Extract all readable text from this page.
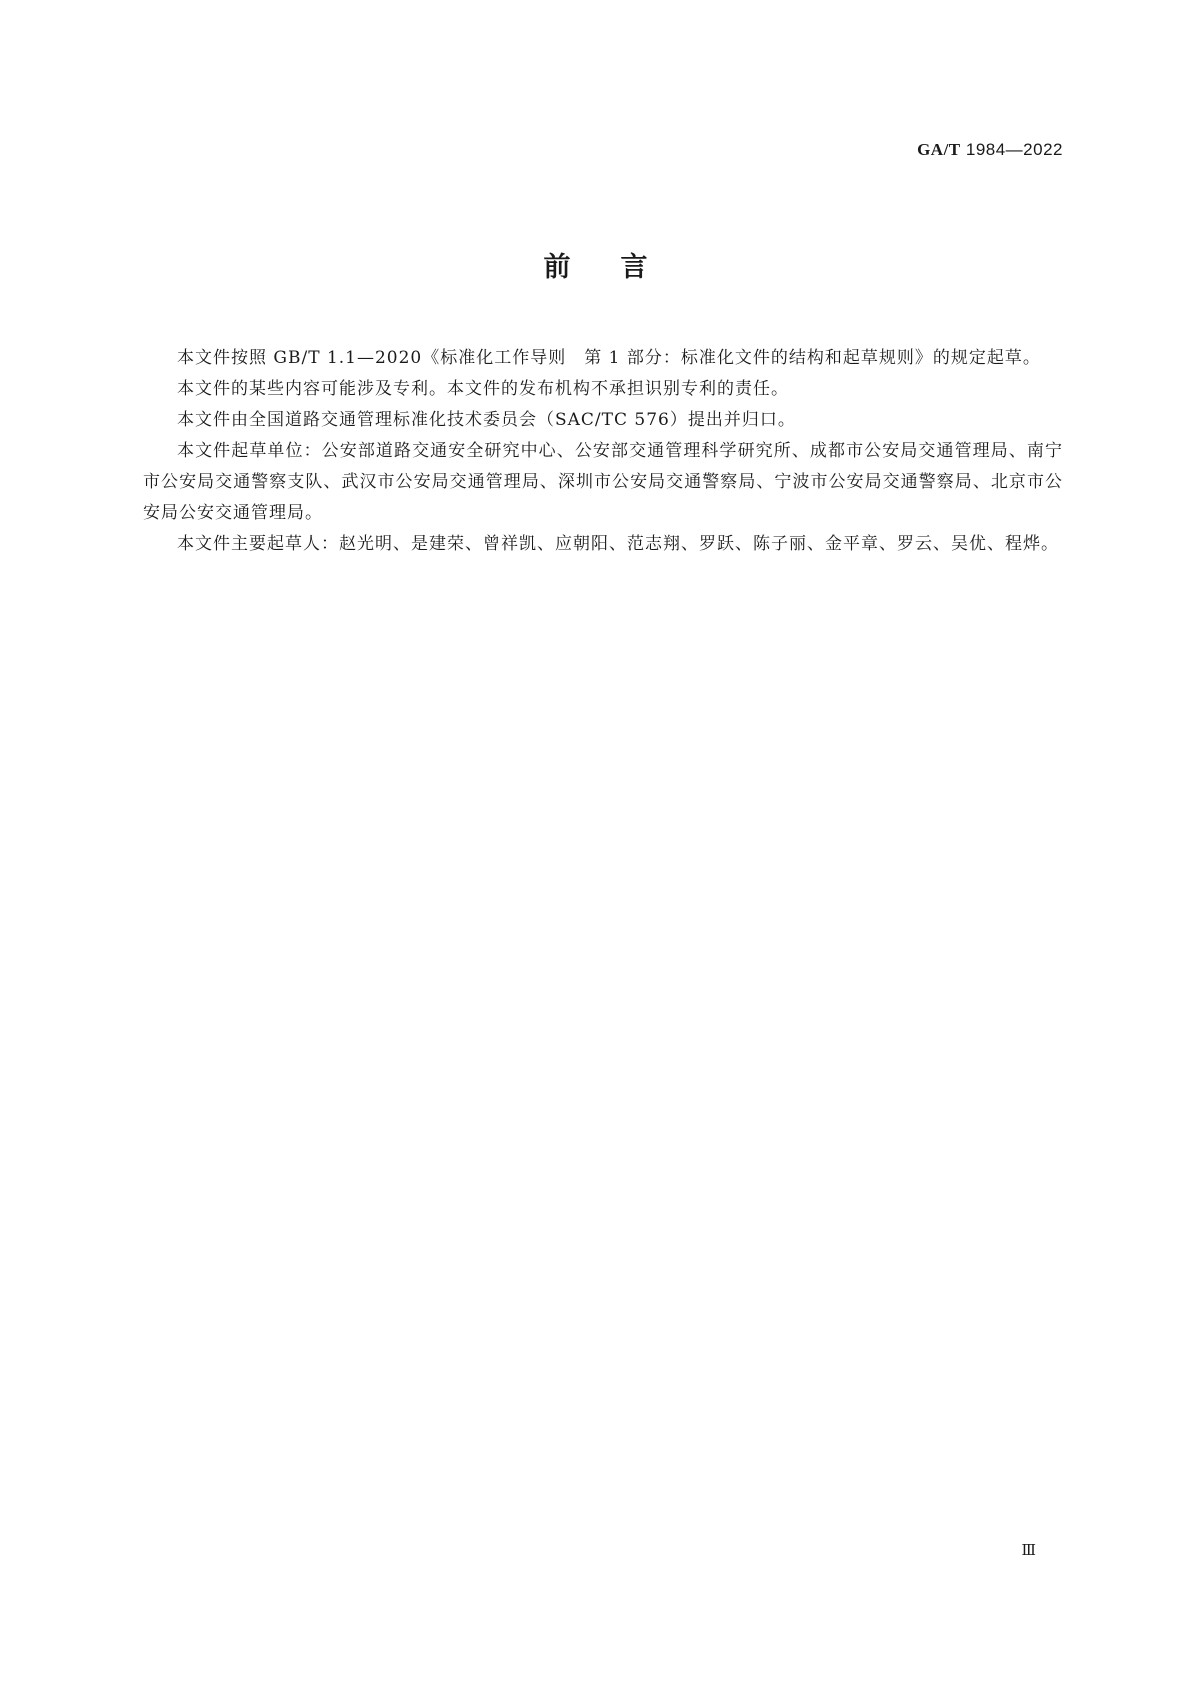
GA/T 1984—2022
前言

本文件按照 GB/T 1.1—2020《标准化工作导则　第 1 部分：标准化文件的结构和起草规则》的规定起草。

本文件的某些内容可能涉及专利。本文件的发布机构不承担识别专利的责任。

本文件由全国道路交通管理标准化技术委员会（SAC/TC 576）提出并归口。

本文件起草单位：公安部道路交通安全研究中心、公安部交通管理科学研究所、成都市公安局交通管理局、南宁市公安局交通警察支队、武汉市公安局交通管理局、深圳市公安局交通警察局、宁波市公安局交通警察局、北京市公安局公安交通管理局。

本文件主要起草人：赵光明、是建荣、曾祥凯、应朝阳、范志翔、罗跃、陈子丽、金平章、罗云、吴优、程烨。

Ⅲ
